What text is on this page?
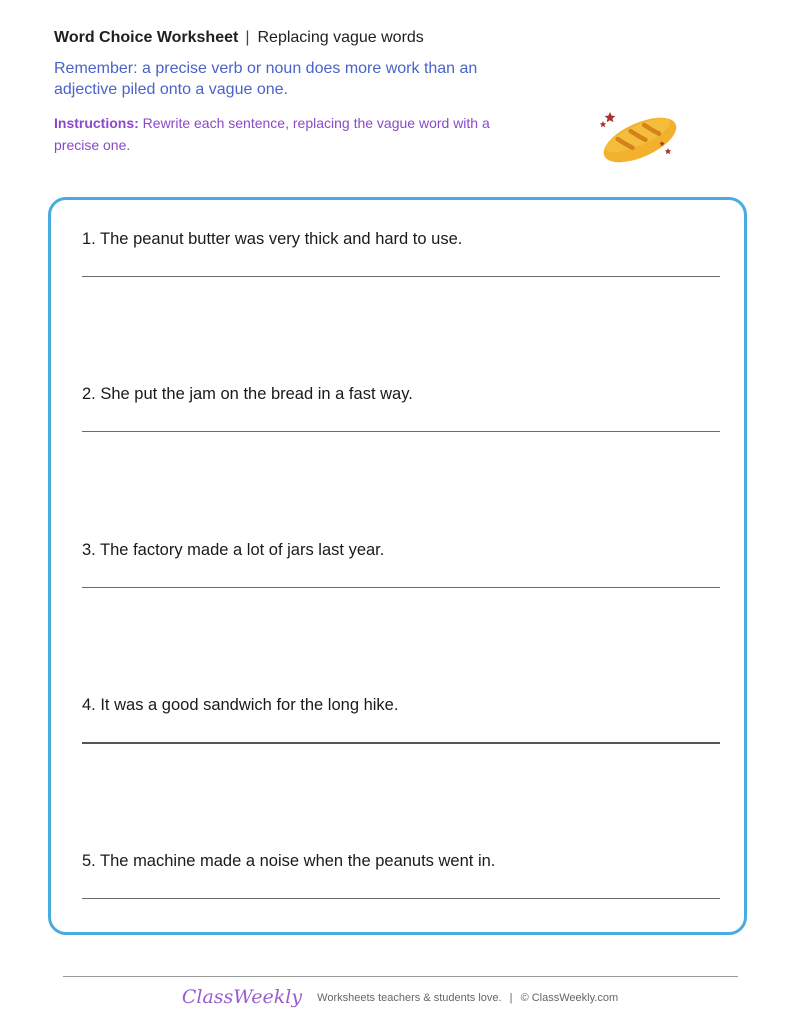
Word Choice Worksheet | Replacing vague words
Remember: a precise verb or noun does more work than an adjective piled onto a vague one.
Instructions: Rewrite each sentence, replacing the vague word with a precise one.
1. The peanut butter was very thick and hard to use.
2. She put the jam on the bread in a fast way.
3. The factory made a lot of jars last year.
4. It was a good sandwich for the long hike.
5. The machine made a noise when the peanuts went in.
ClassWeekly Worksheets teachers & students love. | © ClassWeekly.com
